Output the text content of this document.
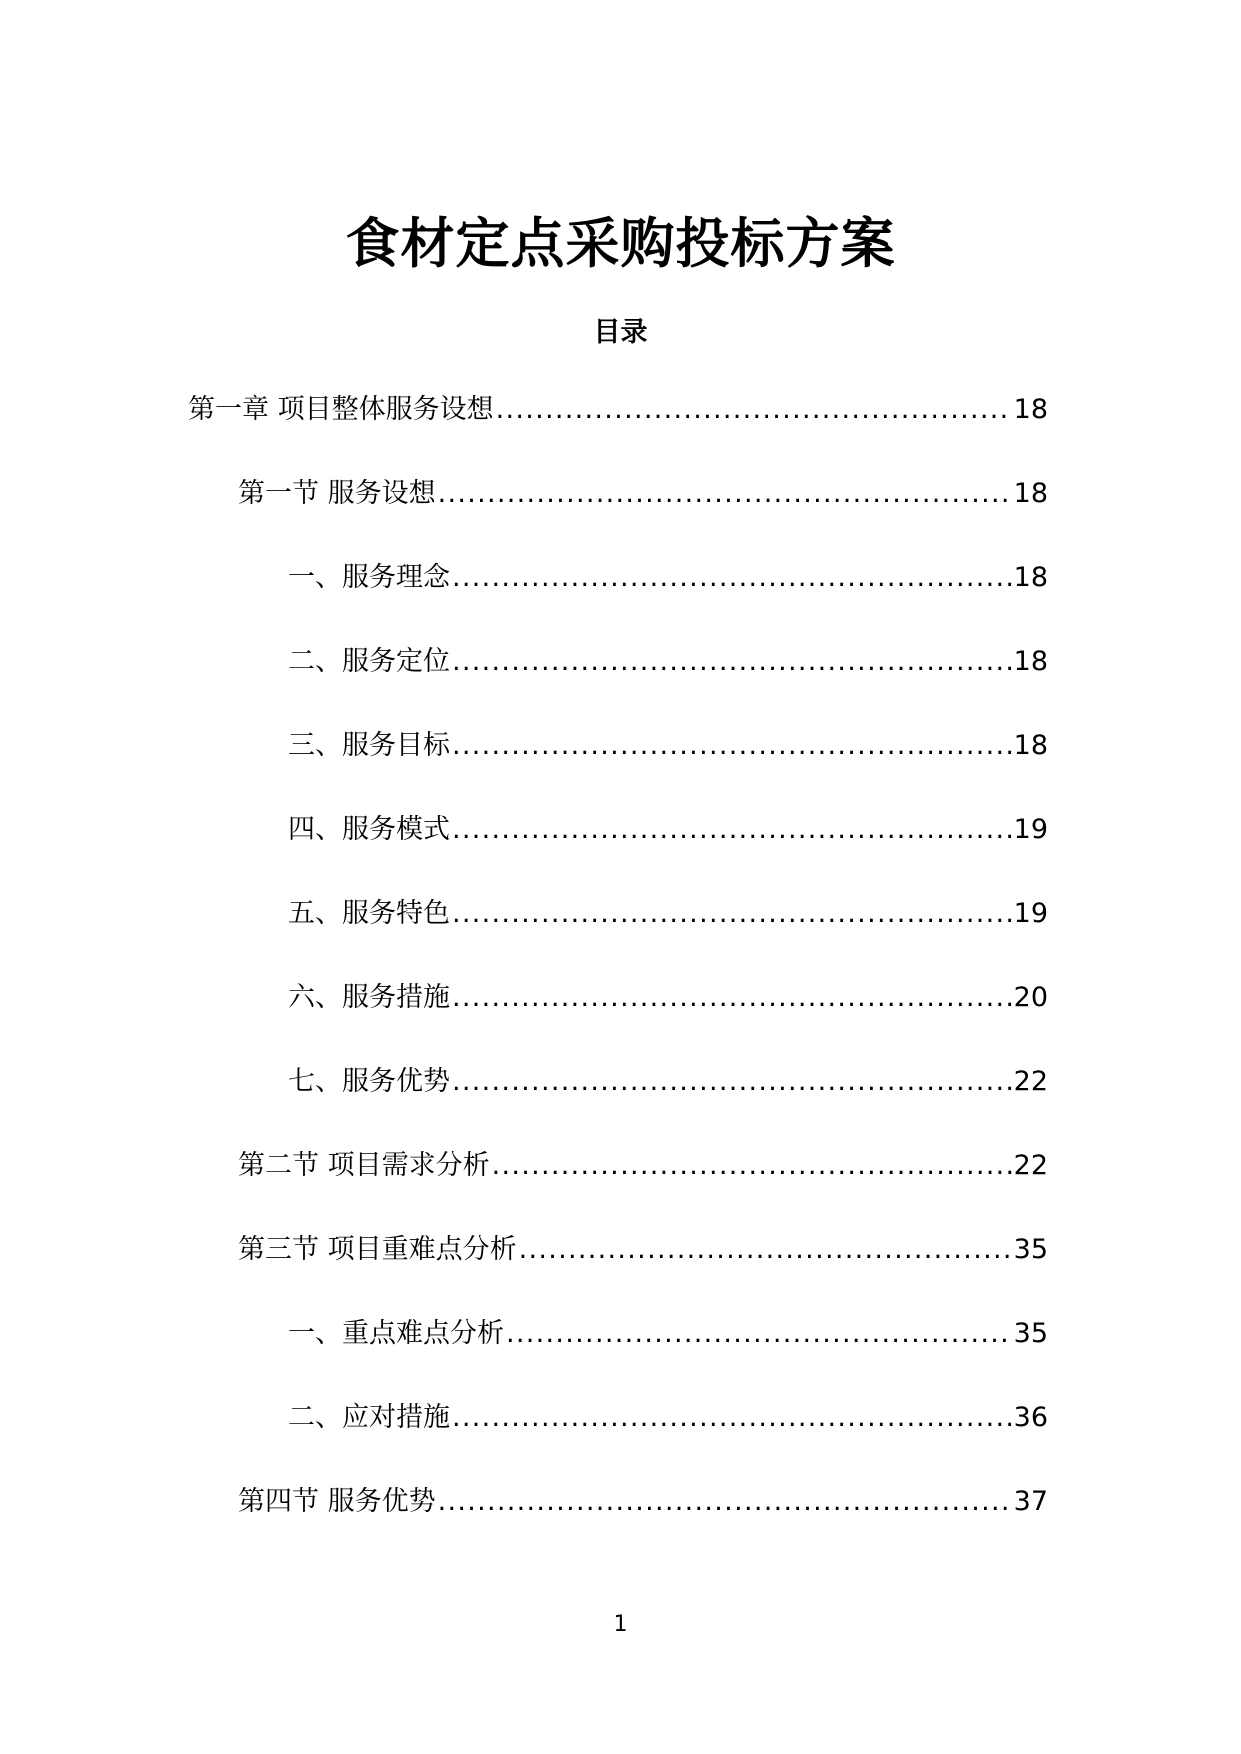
食材定点采购投标方案
目录
第一章 项目整体服务设想 .....	18
第一节 服务设想 .....	18
一、服务理念 .....	18
二、服务定位 .....	18
三、服务目标 .....	18
四、服务模式 .....	19
五、服务特色 .....	19
六、服务措施 .....	20
七、服务优势 .....	22
第二节 项目需求分析 .....	22
第三节 项目重难点分析 .....	35
一、重点难点分析 .....	35
二、应对措施 .....	36
第四节 服务优势 .....	37
1
